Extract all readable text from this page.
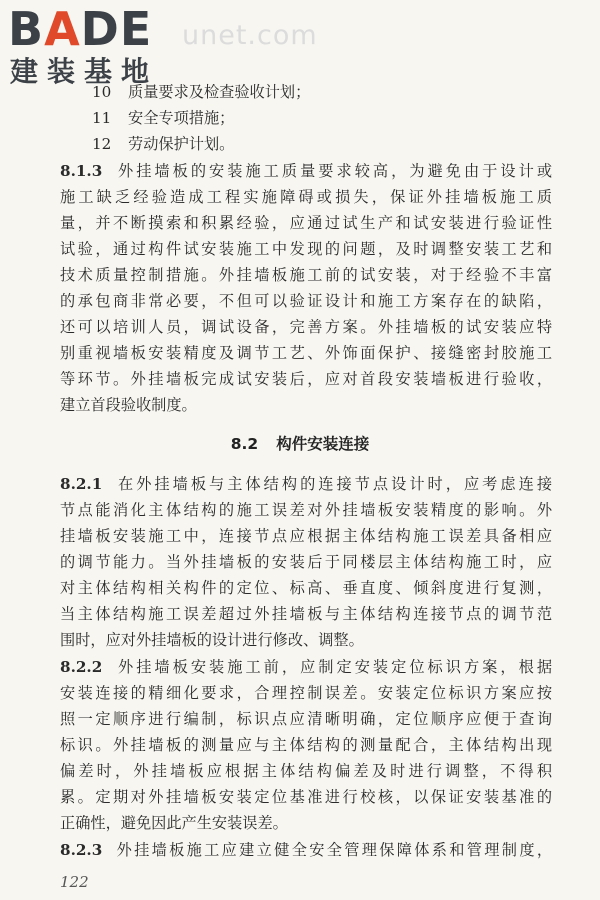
BADE
建装基地
unet.com
10 质量要求及检查验收计划；
11 安全专项措施；
12 劳动保护计划。
8.1.3 外挂墙板的安装施工质量要求较高，为避免由于设计或
施工缺乏经验造成工程实施障碍或损失，保证外挂墙板施工质
量，并不断摸索和积累经验，应通过试生产和试安装进行验证性
试验，通过构件试安装施工中发现的问题，及时调整安装工艺和
技术质量控制措施。外挂墙板施工前的试安装，对于经验不丰富
的承包商非常必要，不但可以验证设计和施工方案存在的缺陷，
还可以培训人员，调试设备，完善方案。外挂墙板的试安装应特
别重视墙板安装精度及调节工艺、外饰面保护、接缝密封胶施工
等环节。外挂墙板完成试安装后，应对首段安装墙板进行验收，
建立首段验收制度。
8.2 构件安装连接
8.2.1 在外挂墙板与主体结构的连接节点设计时，应考虑连接
节点能消化主体结构的施工误差对外挂墙板安装精度的影响。外
挂墙板安装施工中，连接节点应根据主体结构施工误差具备相应
的调节能力。当外挂墙板的安装后于同楼层主体结构施工时，应
对主体结构相关构件的定位、标高、垂直度、倾斜度进行复测，
当主体结构施工误差超过外挂墙板与主体结构连接节点的调节范
围时，应对外挂墙板的设计进行修改、调整。
8.2.2 外挂墙板安装施工前，应制定安装定位标识方案，根据
安装连接的精细化要求，合理控制误差。安装定位标识方案应按
照一定顺序进行编制，标识点应清晰明确，定位顺序应便于查询
标识。外挂墙板的测量应与主体结构的测量配合，主体结构出现
偏差时，外挂墙板应根据主体结构偏差及时进行调整，不得积
累。定期对外挂墙板安装定位基准进行校核，以保证安装基准的
正确性，避免因此产生安装误差。
8.2.3 外挂墙板施工应建立健全安全管理保障体系和管理制度，
122
